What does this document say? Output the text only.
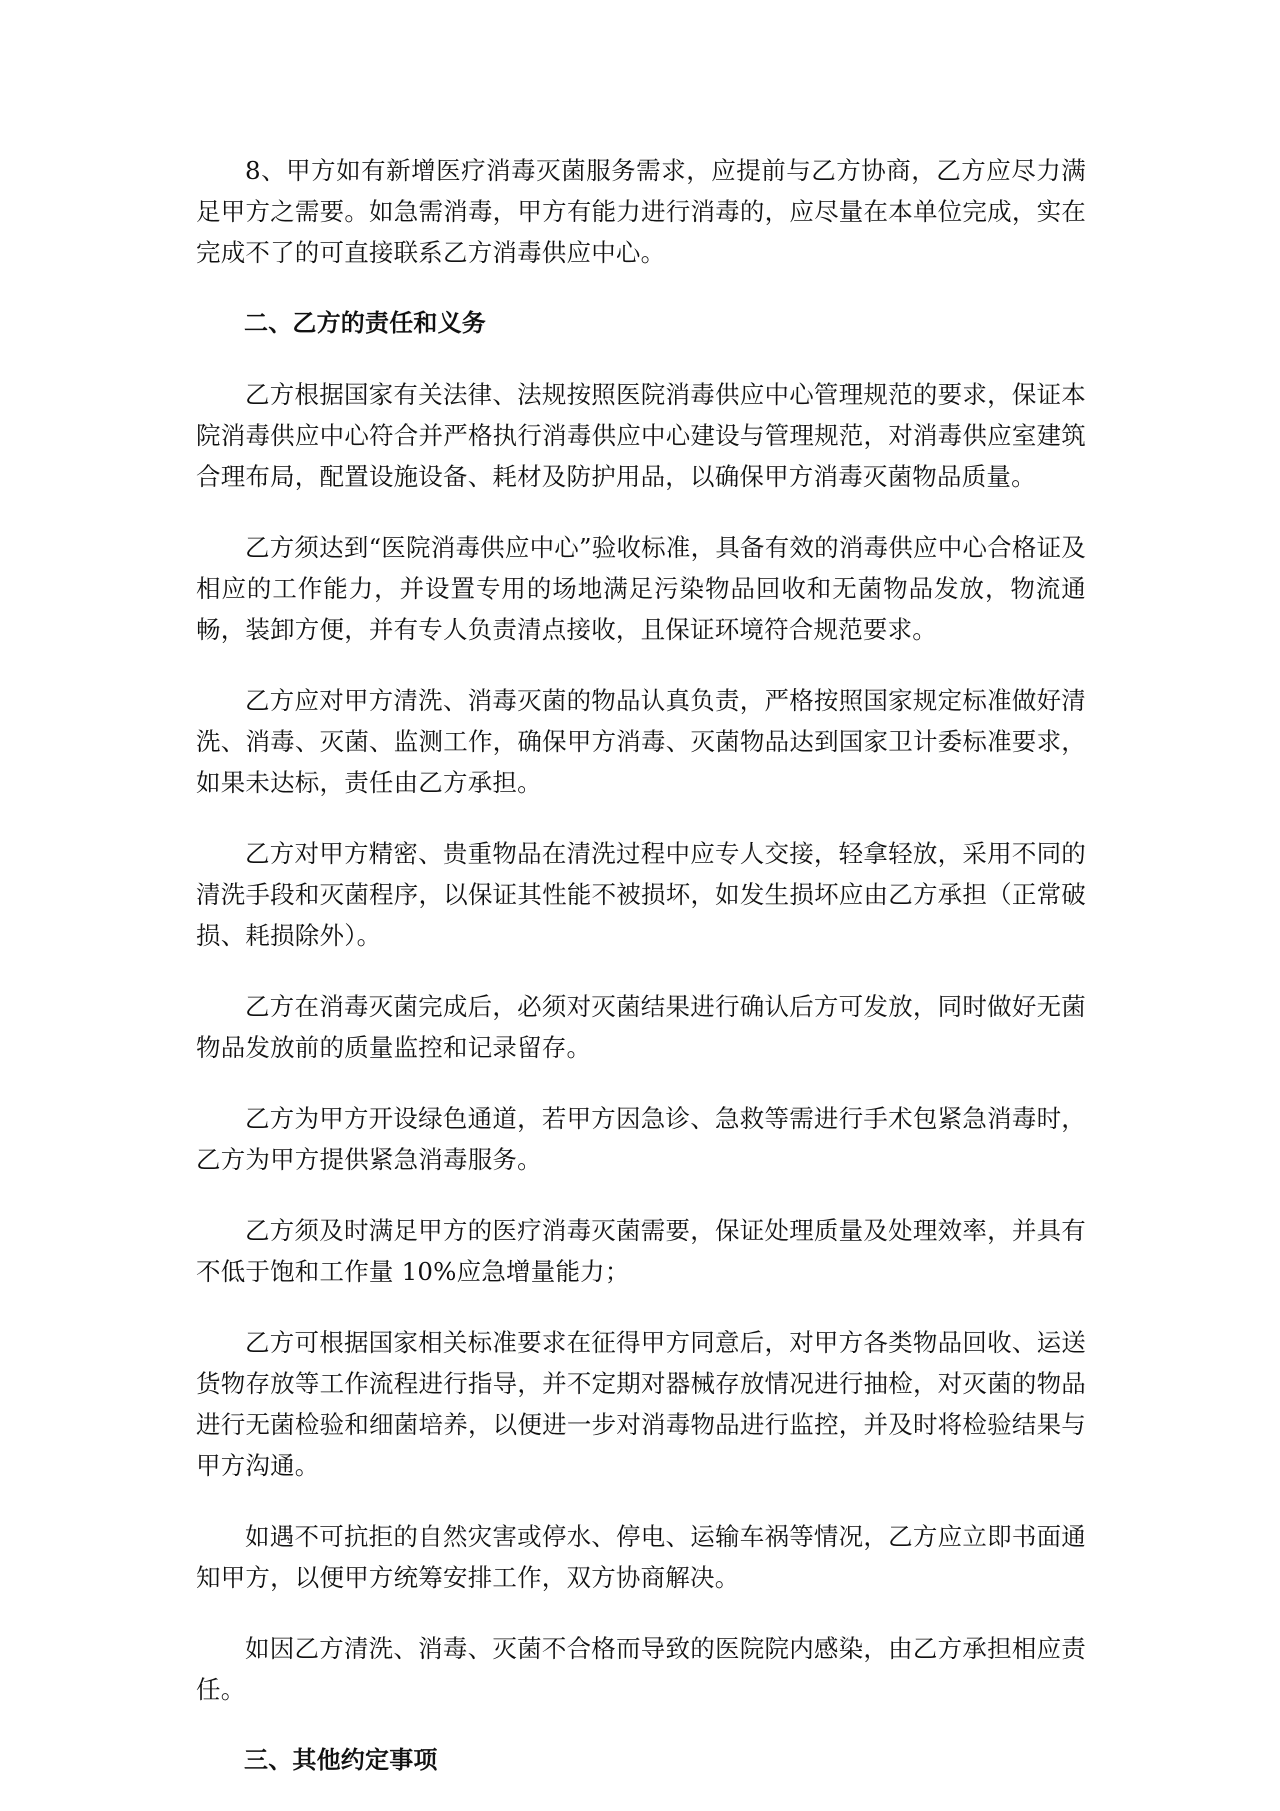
8、甲方如有新增医疗消毒灭菌服务需求，应提前与乙方协商，乙方应尽力满足甲方之需要。如急需消毒，甲方有能力进行消毒的，应尽量在本单位完成，实在完成不了的可直接联系乙方消毒供应中心。

二、乙方的责任和义务

乙方根据国家有关法律、法规按照医院消毒供应中心管理规范的要求，保证本院消毒供应中心符合并严格执行消毒供应中心建设与管理规范，对消毒供应室建筑合理布局，配置设施设备、耗材及防护用品，以确保甲方消毒灭菌物品质量。

乙方须达到“医院消毒供应中心”验收标准，具备有效的消毒供应中心合格证及相应的工作能力，并设置专用的场地满足污染物品回收和无菌物品发放，物流通畅，装卸方便，并有专人负责清点接收，且保证环境符合规范要求。

乙方应对甲方清洗、消毒灭菌的物品认真负责，严格按照国家规定标准做好清洗、消毒、灭菌、监测工作，确保甲方消毒、灭菌物品达到国家卫计委标准要求，如果未达标，责任由乙方承担。

乙方对甲方精密、贵重物品在清洗过程中应专人交接，轻拿轻放，采用不同的清洗手段和灭菌程序，以保证其性能不被损坏，如发生损坏应由乙方承担（正常破损、耗损除外）。

乙方在消毒灭菌完成后，必须对灭菌结果进行确认后方可发放，同时做好无菌物品发放前的质量监控和记录留存。

乙方为甲方开设绿色通道，若甲方因急诊、急救等需进行手术包紧急消毒时，乙方为甲方提供紧急消毒服务。

乙方须及时满足甲方的医疗消毒灭菌需要，保证处理质量及处理效率，并具有不低于饱和工作量 10%应急增量能力；

乙方可根据国家相关标准要求在征得甲方同意后，对甲方各类物品回收、运送货物存放等工作流程进行指导，并不定期对器械存放情况进行抽检，对灭菌的物品进行无菌检验和细菌培养，以便进一步对消毒物品进行监控，并及时将检验结果与甲方沟通。

如遇不可抗拒的自然灾害或停水、停电、运输车祸等情况，乙方应立即书面通知甲方，以便甲方统筹安排工作，双方协商解决。

如因乙方清洗、消毒、灭菌不合格而导致的医院院内感染，由乙方承担相应责任。

三、其他约定事项
